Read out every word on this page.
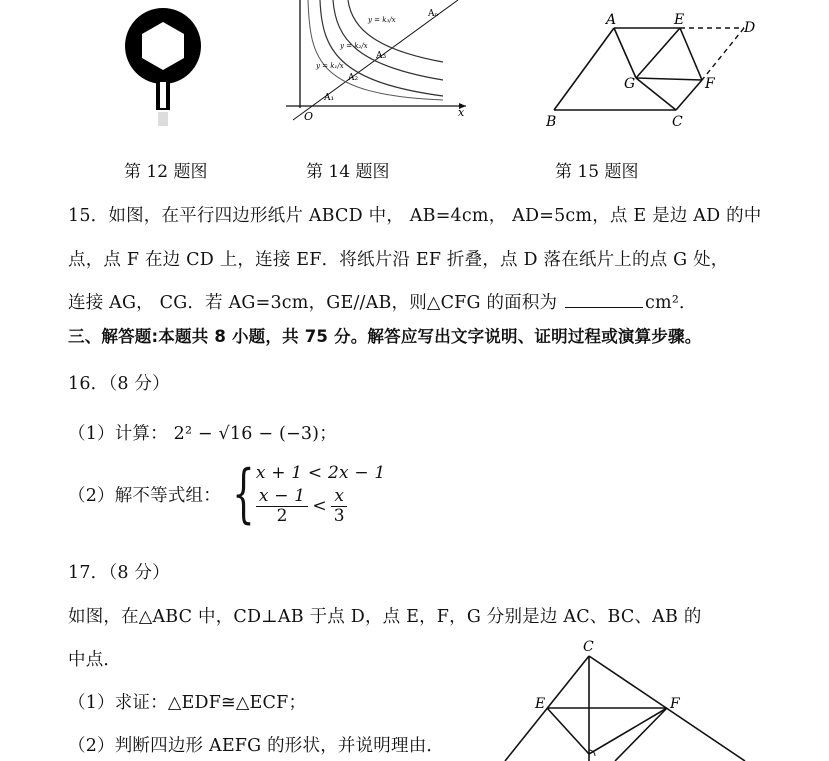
O	x
A₁
A₂
A₃
Aₙ
y = k₁/x
y = k₂/x
y = k₃/x	A	E	D
G	F
B	C
第 12 题图	第 14 题图	第 15 题图
15．如图，在平行四边形纸片 ABCD 中， AB=4cm， AD=5cm，点 E 是边 AD 的中
点，点 F 在边 CD 上，连接 EF．将纸片沿 EF 折叠，点 D 落在纸片上的点 G 处，
连接 AG， CG．若 AG=3cm，GE//AB，则△CFG 的面积为	cm²．
三、解答题:本题共 8 小题，共 75 分。解答应写出文字说明、证明过程或演算步骤。
16．（8 分）
（1）计算： 2² − √16 − (−3)；
（2）解不等式组： { x + 1 < 2x − 1
$\frac{x - 1}{2} < \frac{x}{3}$
17．（8 分）
如图，在△ABC 中，CD⊥AB 于点 D，点 E，F，G 分别是边 AC、BC、AB 的
中点．
（1）求证：△EDF≅△ECF；
（2）判断四边形 AEFG 的形状，并说明理由．
C
E	F
